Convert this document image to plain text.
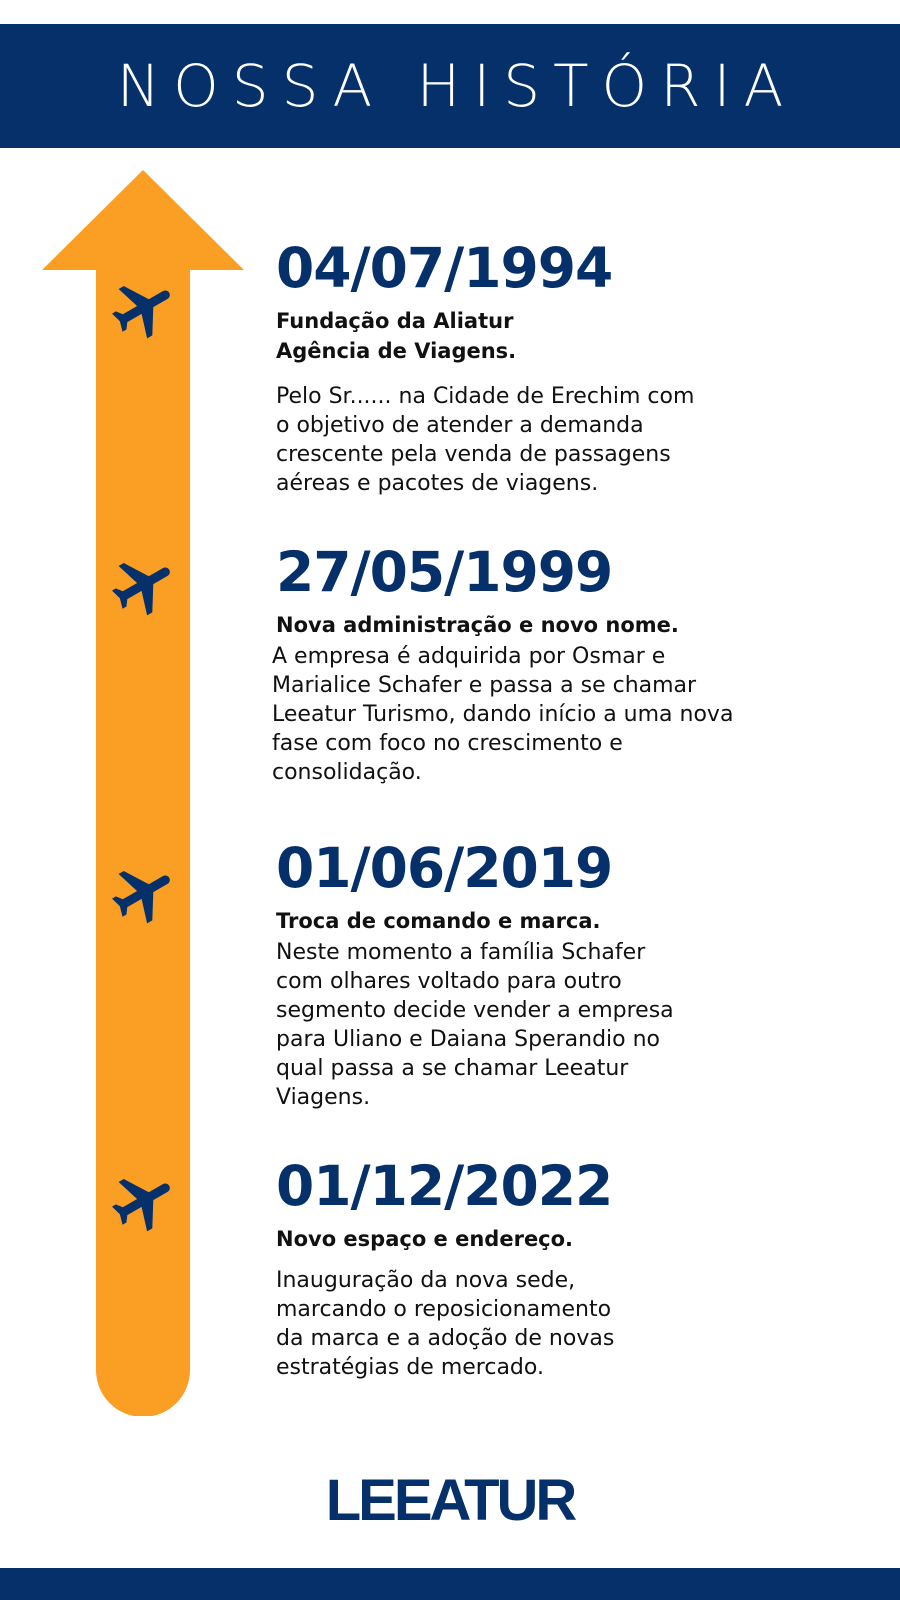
NOSSA HISTÓRIA
04/07/1994
Fundação da Aliatur
Agência de Viagens.
Pelo Sr...... na Cidade de Erechim com
o objetivo de atender a demanda
crescente pela venda de passagens
aéreas e pacotes de viagens.
27/05/1999
Nova administração e novo nome.
A empresa é adquirida por Osmar e
Marialice Schafer e passa a se chamar
Leeatur Turismo, dando início a uma nova
fase com foco no crescimento e
consolidação.
01/06/2019
Troca de comando e marca.
Neste momento a família Schafer
com olhares voltado para outro
segmento decide vender a empresa
para Uliano e Daiana Sperandio no
qual passa a se chamar Leeatur
Viagens.
01/12/2022
Novo espaço e endereço.
Inauguração da nova sede,
marcando o reposicionamento
da marca e a adoção de novas
estratégias de mercado.
LEEATUR
